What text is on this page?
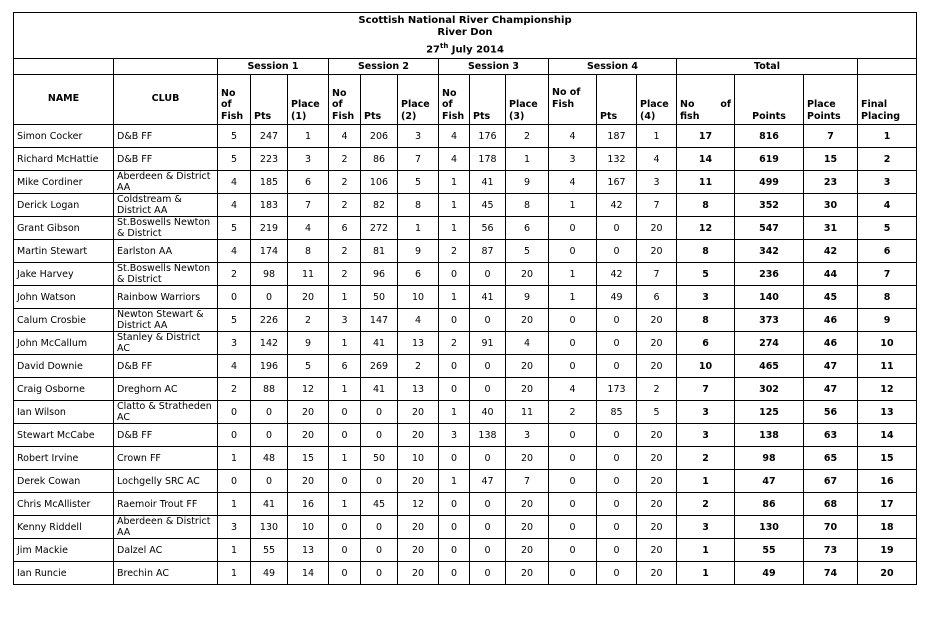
Scottish National River Championship
River Don
27th July 2014																	

		Session 1			Session 2			Session 3			Session 4			Total			
NAME	CLUB	No of Fish	Pts	Place (1)	No of Fish	Pts	Place (2)	No of Fish	Pts	Place (3)	No of Fish	Pts	Place (4)	No of
fish	Points	Place Points	Final Placing
Simon Cocker	D&B FF	5	247	1	4	206	3	4	176	2	4	187	1	17	816	7	1
Richard McHattie	D&B FF	5	223	3	2	86	7	4	178	1	3	132	4	14	619	15	2
Mike Cordiner	Aberdeen & District AA	4	185	6	2	106	5	1	41	9	4	167	3	11	499	23	3
Derick Logan	Coldstream & District AA	4	183	7	2	82	8	1	45	8	1	42	7	8	352	30	4
Grant Gibson	St.Boswells Newton & District	5	219	4	6	272	1	1	56	6	0	0	20	12	547	31	5
Martin Stewart	Earlston AA	4	174	8	2	81	9	2	87	5	0	0	20	8	342	42	6
Jake Harvey	St.Boswells Newton & District	2	98	11	2	96	6	0	0	20	1	42	7	5	236	44	7
John Watson	Rainbow Warriors	0	0	20	1	50	10	1	41	9	1	49	6	3	140	45	8
Calum Crosbie	Newton Stewart & District AA	5	226	2	3	147	4	0	0	20	0	0	20	8	373	46	9
John McCallum	Stanley & District AC	3	142	9	1	41	13	2	91	4	0	0	20	6	274	46	10
David Downie	D&B FF	4	196	5	6	269	2	0	0	20	0	0	20	10	465	47	11
Craig Osborne	Dreghorn AC	2	88	12	1	41	13	0	0	20	4	173	2	7	302	47	12
Ian Wilson	Clatto & Stratheden AC	0	0	20	0	0	20	1	40	11	2	85	5	3	125	56	13
Stewart McCabe	D&B FF	0	0	20	0	0	20	3	138	3	0	0	20	3	138	63	14
Robert Irvine	Crown FF	1	48	15	1	50	10	0	0	20	0	0	20	2	98	65	15
Derek Cowan	Lochgelly SRC AC	0	0	20	0	0	20	1	47	7	0	0	20	1	47	67	16
Chris McAllister	Raemoir Trout FF	1	41	16	1	45	12	0	0	20	0	0	20	2	86	68	17
Kenny Riddell	Aberdeen & District AA	3	130	10	0	0	20	0	0	20	0	0	20	3	130	70	18
Jim Mackie	Dalzel AC	1	55	13	0	0	20	0	0	20	0	0	20	1	55	73	19
Ian Runcie	Brechin AC	1	49	14	0	0	20	0	0	20	0	0	20	1	49	74	20
